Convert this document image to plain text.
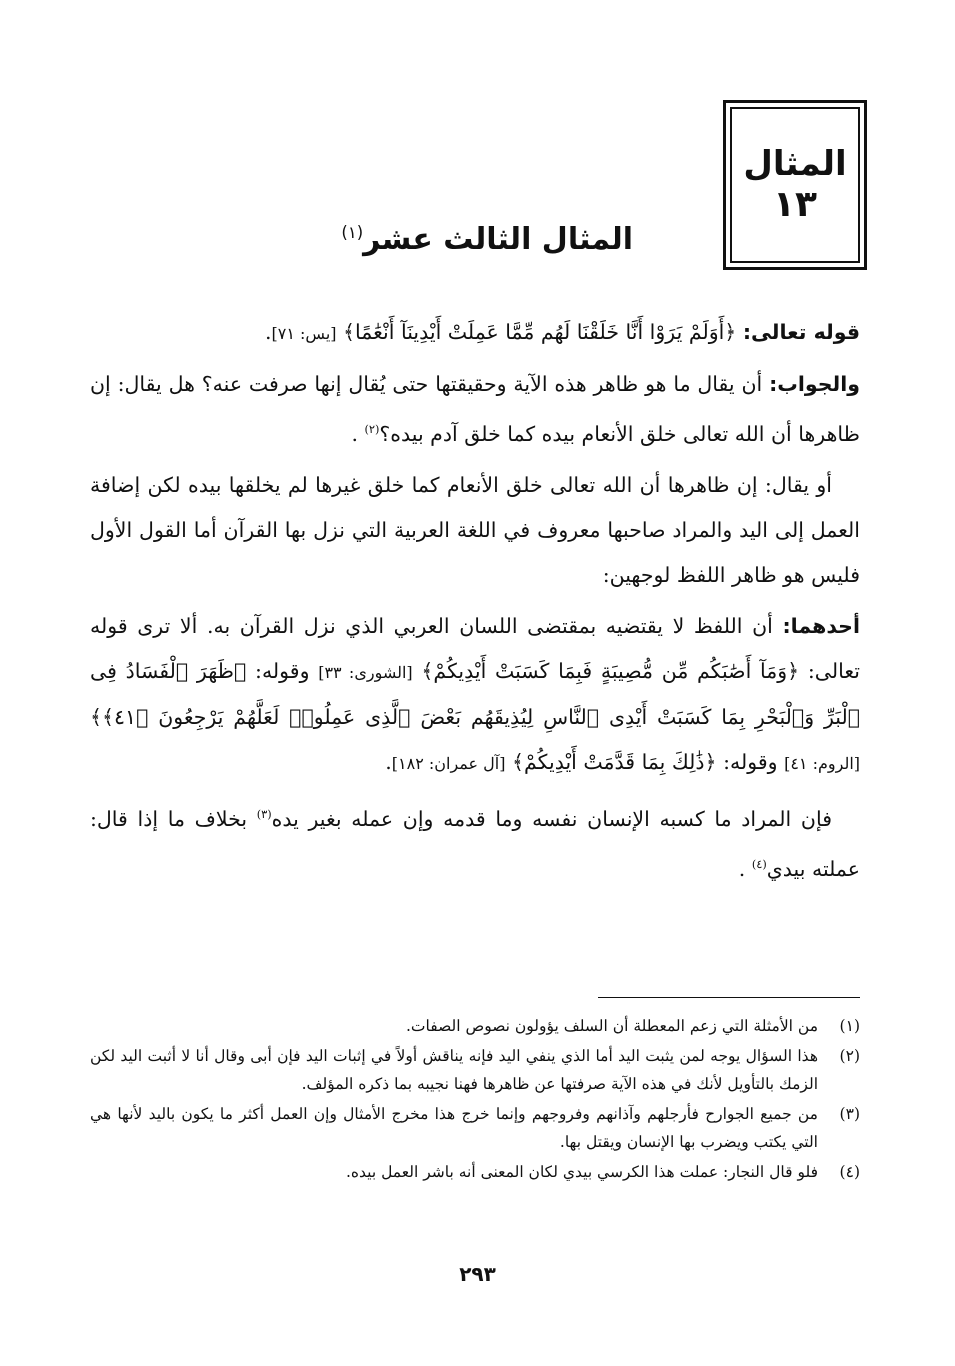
المثال
١٣
المثال الثالث عشر$^{(١)}$

قوله تعالى: ﴿أَوَلَمْ يَرَوْا أَنَّا خَلَقْنَا لَهُم مِّمَّا عَمِلَتْ أَيْدِينَآ أَنْعَٰمًا﴾ [يس: ٧١].

والجواب: أن يقال ما هو ظاهر هذه الآية وحقيقتها حتى يُقال إنها صرفت عنه؟ هل يقال: إن ظاهرها أن الله تعالى خلق الأنعام بيده كما خلق آدم بيده؟$^{(٢)}$ .

أو يقال: إن ظاهرها أن الله تعالى خلق الأنعام كما خلق غيرها لم يخلقها بيده لكن إضافة العمل إلى اليد والمراد صاحبها معروف في اللغة العربية التي نزل بها القرآن أما القول الأول فليس هو ظاهر اللفظ لوجهين:

أحدهما: أن اللفظ لا يقتضيه بمقتضى اللسان العربي الذي نزل القرآن به. ألا ترى قوله تعالى: ﴿وَمَآ أَصَٰبَكُم مِّن مُّصِيبَةٍ فَبِمَا كَسَبَتْ أَيْدِيكُمْ﴾ [الشورى: ٣٣] وقوله: ﴿ظَهَرَ ٱلْفَسَادُ فِى ٱلْبَرِّ وَٱلْبَحْرِ بِمَا كَسَبَتْ أَيْدِى ٱلنَّاسِ لِيُذِيقَهُم بَعْضَ ٱلَّذِى عَمِلُوا۟ لَعَلَّهُمْ يَرْجِعُونَ ﴿٤١﴾﴾ [الروم: ٤١] وقوله: ﴿ذَٰلِكَ بِمَا قَدَّمَتْ أَيْدِيكُمْ﴾ [آل عمران: ١٨٢].

فإن المراد ما كسبه الإنسان نفسه وما قدمه وإن عمله بغير يده$^{(٣)}$ بخلاف ما إذا قال: عملته بيدي$^{(٤)}$ .

(١)
من الأمثلة التي زعم المعطلة أن السلف يؤولون نصوص الصفات.
(٢)
هذا السؤال يوجه لمن يثبت اليد أما الذي ينفي اليد فإنه يناقش أولاً في إثبات اليد فإن أبى وقال أنا لا أثبت اليد لكن الزمك بالتأويل لأنك في هذه الآية صرفتها عن ظاهرها فهنا نجيبه بما ذكره المؤلف.
(٣)
من جميع الجوارح فأرجلهم وآذانهم وفروجهم وإنما خرج هذا مخرج الأمثال وإن العمل أكثر ما يكون باليد لأنها هي التي يكتب ويضرب بها الإنسان ويقتل بها.
(٤)
فلو قال النجار: عملت هذا الكرسي بيدي لكان المعنى أنه باشر العمل بيده.
٢٩٣
